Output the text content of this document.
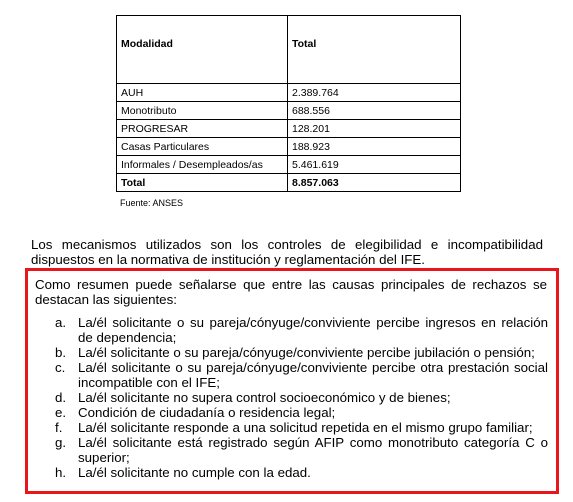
Modalidad	Total
AUH	2.389.764
Monotributo	688.556
PROGRESAR	128.201
Casas Particulares	188.923
Informales / Desempleados/as	5.461.619
Total	8.857.063
Fuente: ANSES

Los mecanismos utilizados son los controles de elegibilidad e incompatibilidad dispuestos en la normativa de institución y reglamentación del IFE.

Como resumen puede señalarse que entre las causas principales de rechazos se destacan las siguientes:

a. La/él solicitante o su pareja/cónyuge/conviviente percibe ingresos en relación de dependencia;
b. La/él solicitante o su pareja/cónyuge/conviviente percibe jubilación o pensión;
c. La/él solicitante o su pareja/cónyuge/conviviente percibe otra prestación social incompatible con el IFE;
d. La/él solicitante no supera control socioeconómico y de bienes;
e. Condición de ciudadanía o residencia legal;
f. La/él solicitante responde a una solicitud repetida en el mismo grupo familiar;
g. La/él solicitante está registrado según AFIP como monotributo categoría C o superior;
h. La/él solicitante no cumple con la edad.
